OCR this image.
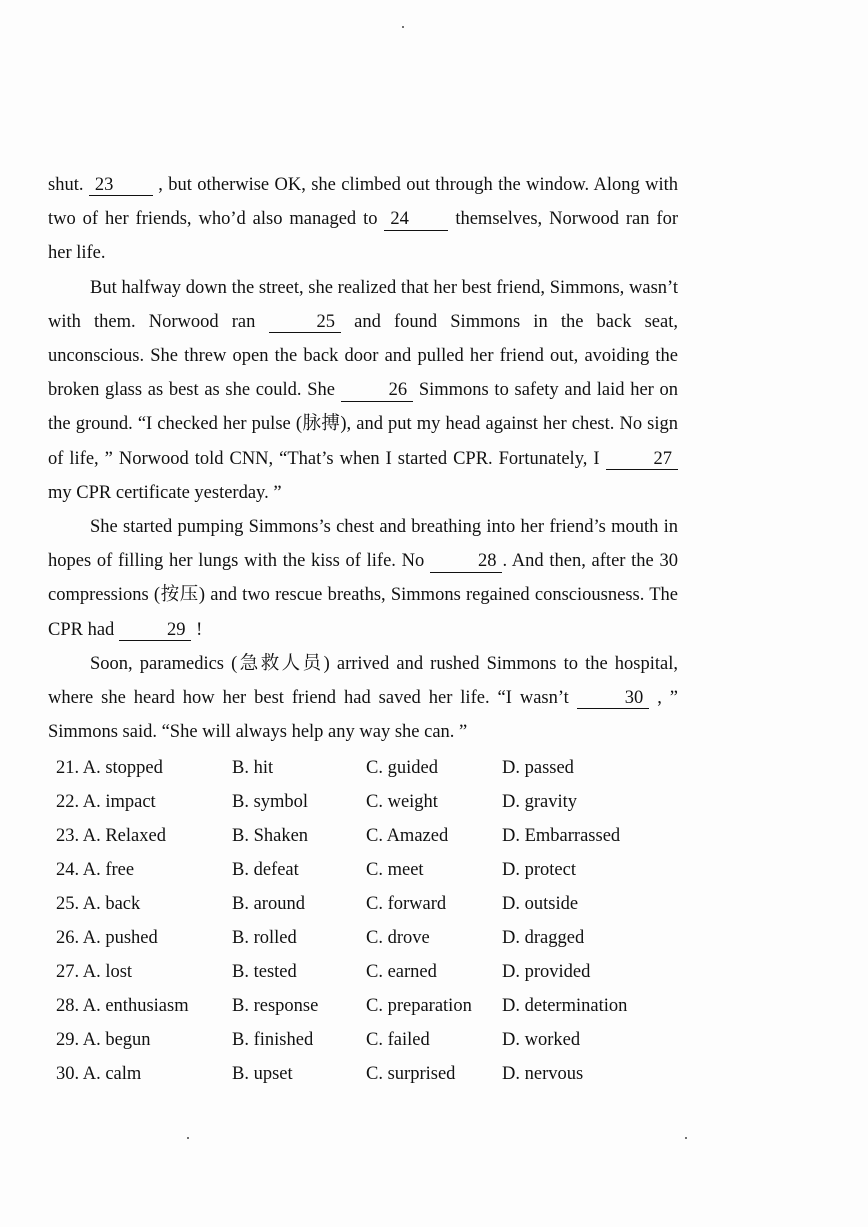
shut. 23 , but otherwise OK, she climbed out through the window. Along with two of her friends, who’d also managed to 24 themselves, Norwood ran for her life.

But halfway down the street, she realized that her best friend, Simmons, wasn’t with them. Norwood ran	25 and found Simmons in the back seat, unconscious. She threw open the back door and pulled her friend out, avoiding the broken glass as best as she could. She	26 Simmons to safety and laid her on the ground. “I checked her pulse (脉搏), and put my head against her chest. No sign of life, ” Norwood told CNN, “That’s when I started CPR. Fortunately, I	27 my CPR certificate yesterday. ”

She started pumping Simmons’s chest and breathing into her friend’s mouth in hopes of filling her lungs with the kiss of life. No	28 . And then, after the 30 compressions (按压) and two rescue breaths, Simmons regained consciousness. The CPR had	29 !

Soon, paramedics (急救人员) arrived and rushed Simmons to the hospital, where she heard how her best friend had saved her life. “I wasn’t	30 , ” Simmons said. “She will always help any way she can. ”

21. A. stopped	B. hit	C. guided	D. passed
22. A. impact	B. symbol	C. weight	D. gravity
23. A. Relaxed	B. Shaken	C. Amazed	D. Embarrassed
24. A. free	B. defeat	C. meet	D. protect
25. A. back	B. around	C. forward	D. outside
26. A. pushed	B. rolled	C. drove	D. dragged
27. A. lost	B. tested	C. earned	D. provided
28. A. enthusiasm B. response	C. preparation D. determination
29. A. begun	B. finished	C. failed	D. worked
30. A. calm	B. upset	C. surprised	D. nervous
